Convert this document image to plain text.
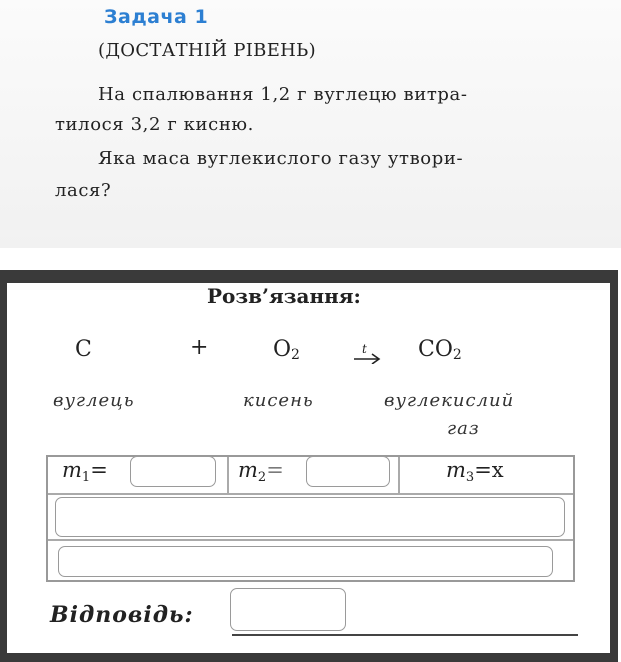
Задача 1
(ДОСТАТНІЙ РІВЕНЬ)
На спалювання 1,2 г вуглецю витра-
тилося 3,2 г кисню.
Яка маса вуглекислого газу утвори-
лася?
Розв’язання:
C	+	$O_2$	t $CO_2$
вуглець	кисень	вуглекислий
газ
$m_1=$	$m_2=$	$m_3=x$
Відповідь:
